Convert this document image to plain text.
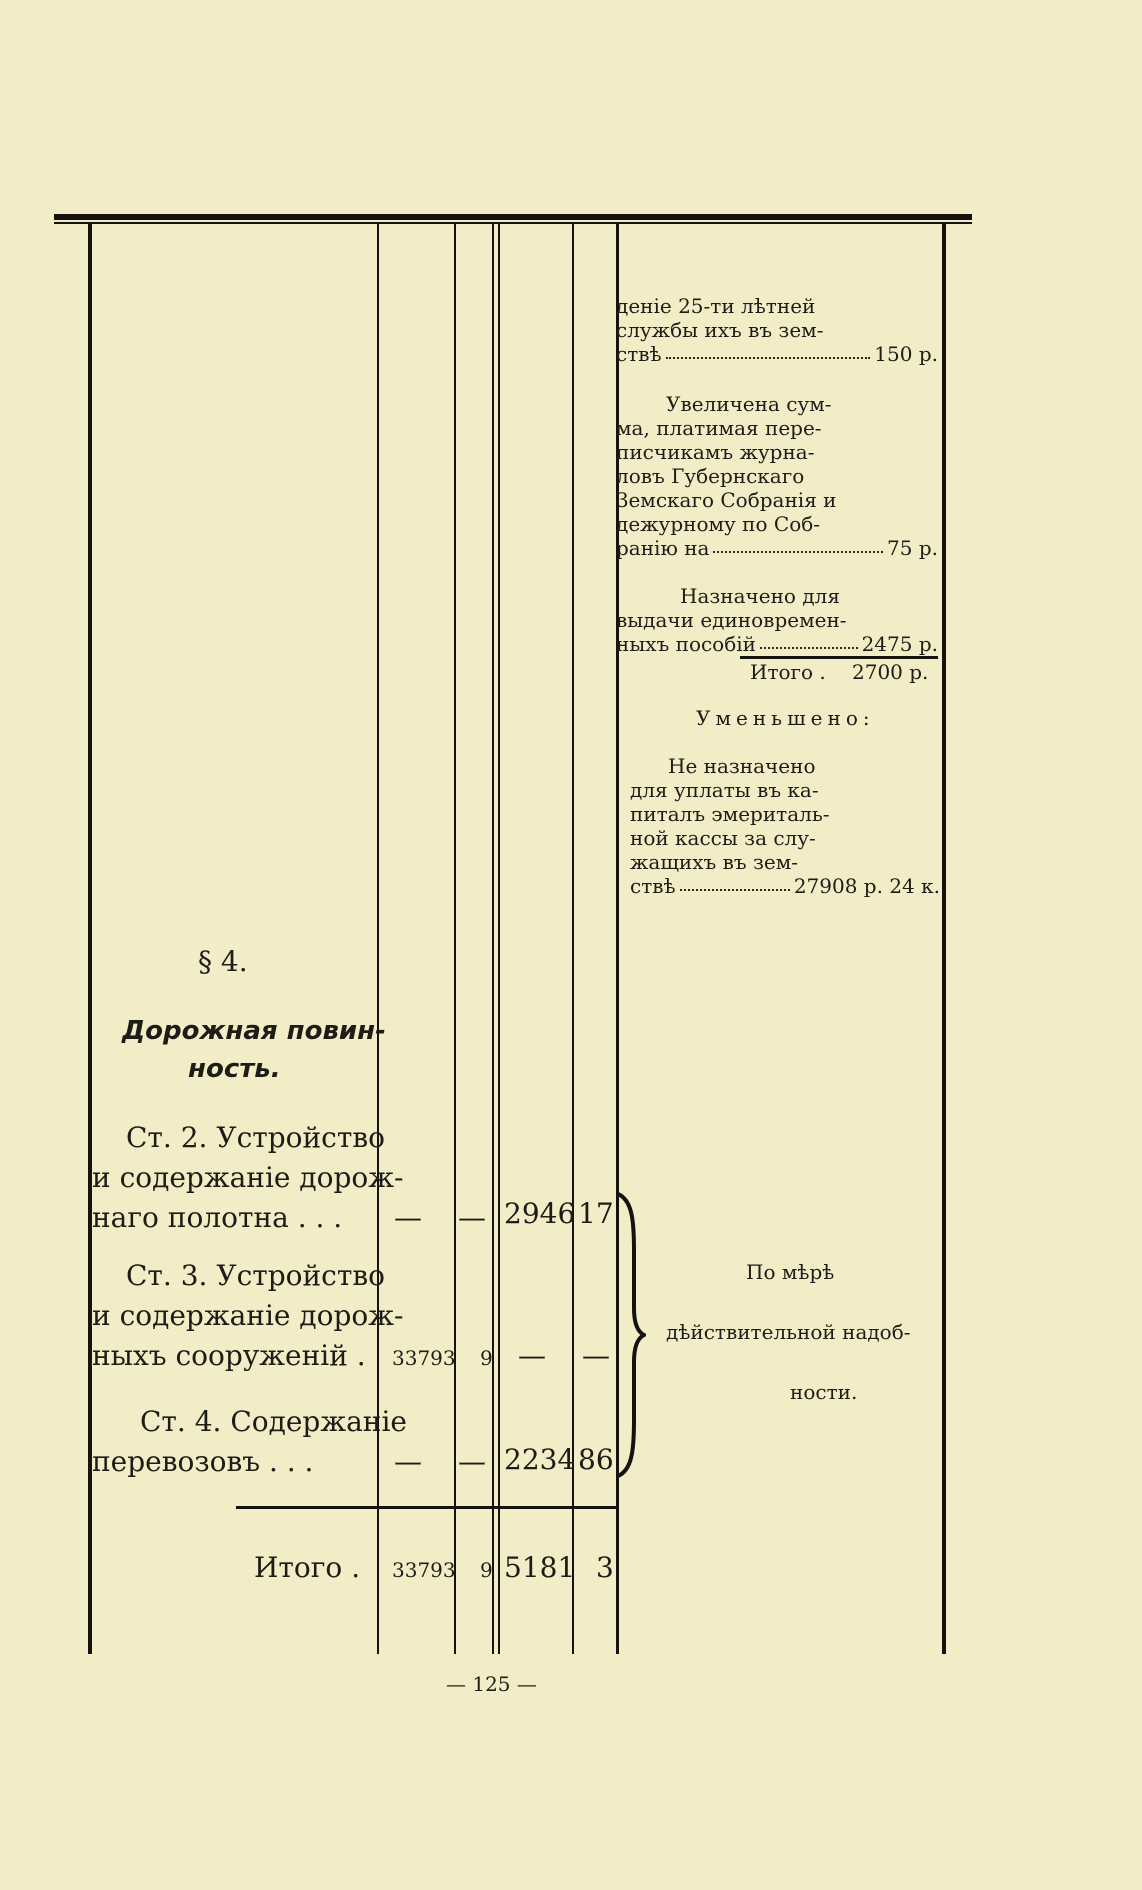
деніе 25-ти лѣтней
службы ихъ въ зем-
ствѣ	150 р.
Увеличена сум-
ма, платимая пере-
писчикамъ журна-
ловъ Губернскаго
Земскаго Собранія и
дежурному по Соб-
ранію на	75 р.
Назначено для
выдачи единовремен-
ныхъ пособій	2475 р.
Итого . 2700 р.
Уменьшено:
Не назначено
для уплаты въ ка-
питалъ эмериталь-
ной кассы за слу-
жащихъ въ зем-
ствѣ	27908 р. 24 к.
§ 4.
Дорожная повин-
ность.
Ст. 2. Устройство
и содержаніе дорож-
наго полотна . . . — — 2946 17
Ст. 3. Устройство
и содержаніе дорож-
ныхъ сооруженій . 33793 9 — —
Ст. 4. Содержаніе
перевозовъ . . .	— — 2234 86
По мѣрѣ
дѣйствительной надоб-
ности.
Итого . 33793 9 5181 3
— 125 —
